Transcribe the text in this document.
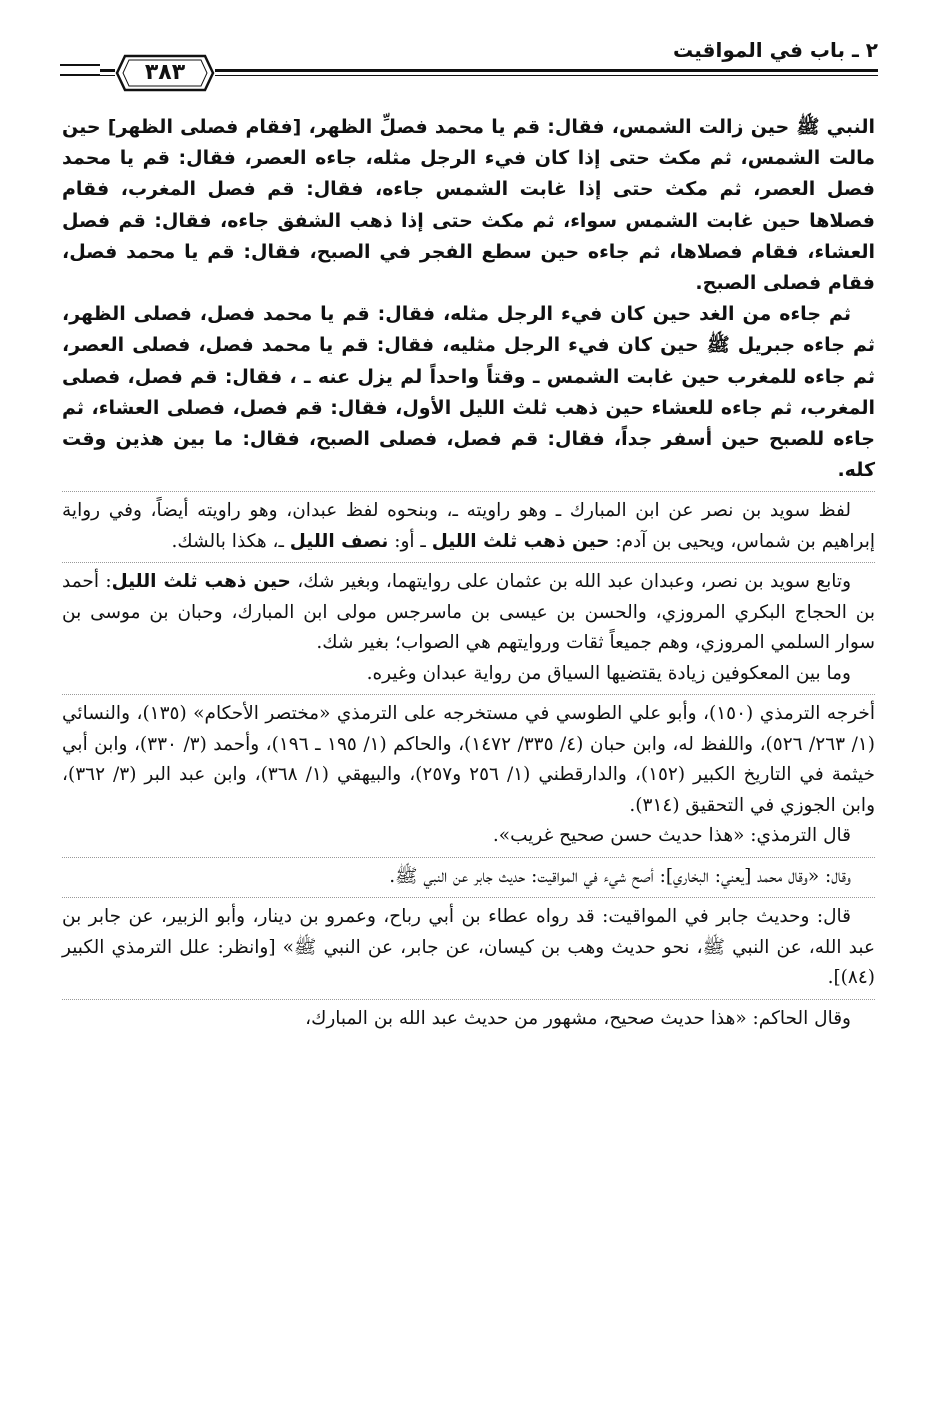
٢ ـ باب في المواقيت
٣٨٣

النبي ﷺ حين زالت الشمس، فقال: قم يا محمد فصلِّ الظهر، [فقام فصلى الظهر] حين مالت الشمس، ثم مكث حتى إذا كان فيء الرجل مثله، جاءه العصر، فقال: قم يا محمد فصل العصر، ثم مكث حتى إذا غابت الشمس جاءه، فقال: قم فصل المغرب، فقام فصلاها حين غابت الشمس سواء، ثم مكث حتى إذا ذهب الشفق جاءه، فقال: قم فصل العشاء، فقام فصلاها، ثم جاءه حين سطع الفجر في الصبح، فقال: قم يا محمد فصل، فقام فصلى الصبح.

ثم جاءه من الغد حين كان فيء الرجل مثله، فقال: قم يا محمد فصل، فصلى الظهر، ثم جاءه جبريل ﷺ حين كان فيء الرجل مثليه، فقال: قم يا محمد فصل، فصلى العصر، ثم جاءه للمغرب حين غابت الشمس ـ وقتاً واحداً لم يزل عنه ـ ، فقال: قم فصل، فصلى المغرب، ثم جاءه للعشاء حين ذهب ثلث الليل الأول، فقال: قم فصل، فصلى العشاء، ثم جاءه للصبح حين أسفر جداً، فقال: قم فصل، فصلى الصبح، فقال: ما بين هذين وقت كله.

لفظ سويد بن نصر عن ابن المبارك ـ وهو راويته ـ، وبنحوه لفظ عبدان، وهو راويته أيضاً، وفي رواية إبراهيم بن شماس، ويحيى بن آدم: حين ذهب ثلث الليل ـ أو: نصف الليل ـ، هكذا بالشك.

وتابع سويد بن نصر، وعبدان عبد الله بن عثمان على روايتهما، وبغير شك، حين ذهب ثلث الليل: أحمد بن الحجاج البكري المروزي، والحسن بن عيسى بن ماسرجس مولى ابن المبارك، وحبان بن موسى بن سوار السلمي المروزي، وهم جميعاً ثقات وروايتهم هي الصواب؛ بغير شك.

وما بين المعكوفين زيادة يقتضيها السياق من رواية عبدان وغيره.

أخرجه الترمذي (١٥٠)، وأبو علي الطوسي في مستخرجه على الترمذي «مختصر الأحكام» (١٣٥)، والنسائي (١/ ٢٦٣/ ٥٢٦)، واللفظ له، وابن حبان (٤/ ٣٣٥/ ١٤٧٢)، والحاكم (١/ ١٩٥ ـ ١٩٦)، وأحمد (٣/ ٣٣٠)، وابن أبي خيثمة في التاريخ الكبير (١٥٢)، والدارقطني (١/ ٢٥٦ و٢٥٧)، والبيهقي (١/ ٣٦٨)، وابن عبد البر (٣/ ٣٦٢)، وابن الجوزي في التحقيق (٣١٤).

قال الترمذي: «هذا حديث حسن صحيح غريب».

وقال: «وقال محمد [يعني: البخاري]: أصح شيء في المواقيت: حديث جابر عن النبي ﷺ.

قال: وحديث جابر في المواقيت: قد رواه عطاء بن أبي رباح، وعمرو بن دينار، وأبو الزبير، عن جابر بن عبد الله، عن النبي ﷺ، نحو حديث وهب بن كيسان، عن جابر، عن النبي ﷺ» [وانظر: علل الترمذي الكبير (٨٤)].

وقال الحاكم: «هذا حديث صحيح، مشهور من حديث عبد الله بن المبارك،
